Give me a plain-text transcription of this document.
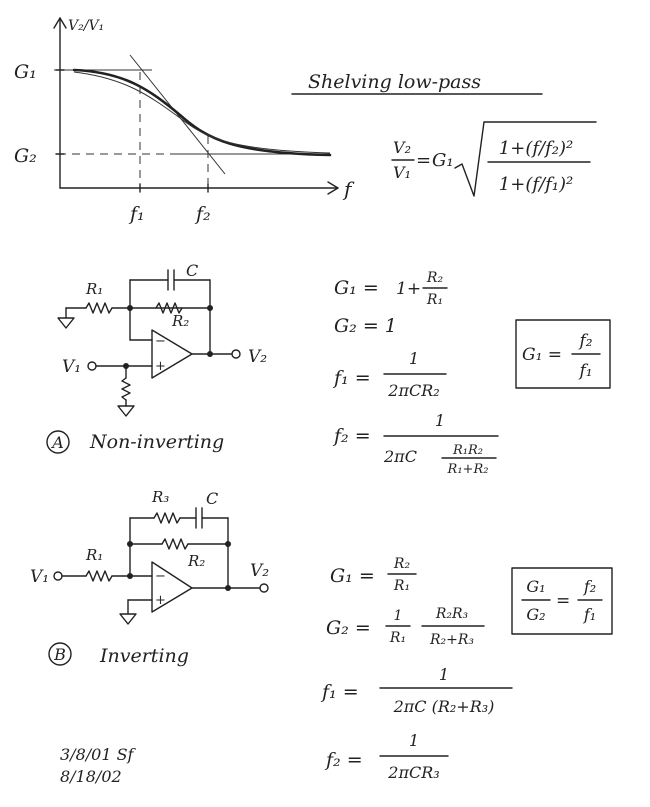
V₂/V₁
f
G₁
G₂
f₁	f₂
Shelving low-pass
V₂
V₁
= G₁
1+(f/f₂)²
1+(f/f₁)²
−
+
R₁
R₂
C
V₁	V₂
A Non-inverting
G₁ = 1+
R₂
R₁
G₂ = 1
f₁ =
1
2πCR₂
f₂ =
1
2πC	R₁R₂
R₁+R₂
G₁ =
f₂
f₁
−
+
R₃ C
R₂
R₁
V₁	V₂
B Inverting
G₁ =
R₂
R₁
G₂ =
1
R₁
R₂R₃
R₂+R₃
G₁
G₂
=
f₂
f₁
f₁ =
1
2πC (R₂+R₃)
f₂ =
1
2πCR₃
3/8/01 Sf
8/18/02
